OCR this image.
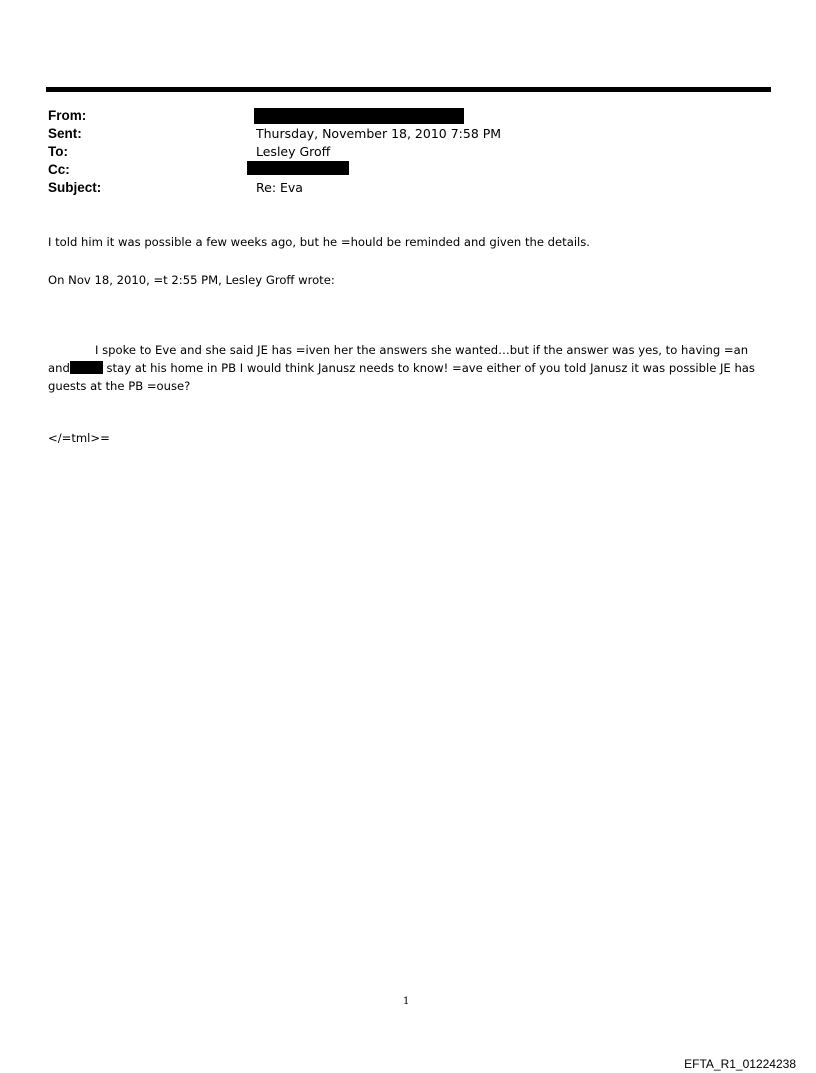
From:
Sent:
To:
Cc:
Subject:
Thursday, November 18, 2010 7:58 PM
Lesley Groff
Re: Eva
I told him it was possible a few weeks ago, but he =hould be reminded and given the details.
On Nov 18, 2010, =t 2:55 PM, Lesley Groff wrote:
I spoke to Eve and she said JE has =iven her the answers she wanted…but if the answer was yes, to having =an
and	stay at his home in PB I would think Janusz needs to know! =ave either of you told Janusz it was possible JE has
guests at the PB =ouse?
</=tml>=
1
EFTA_R1_01224238
